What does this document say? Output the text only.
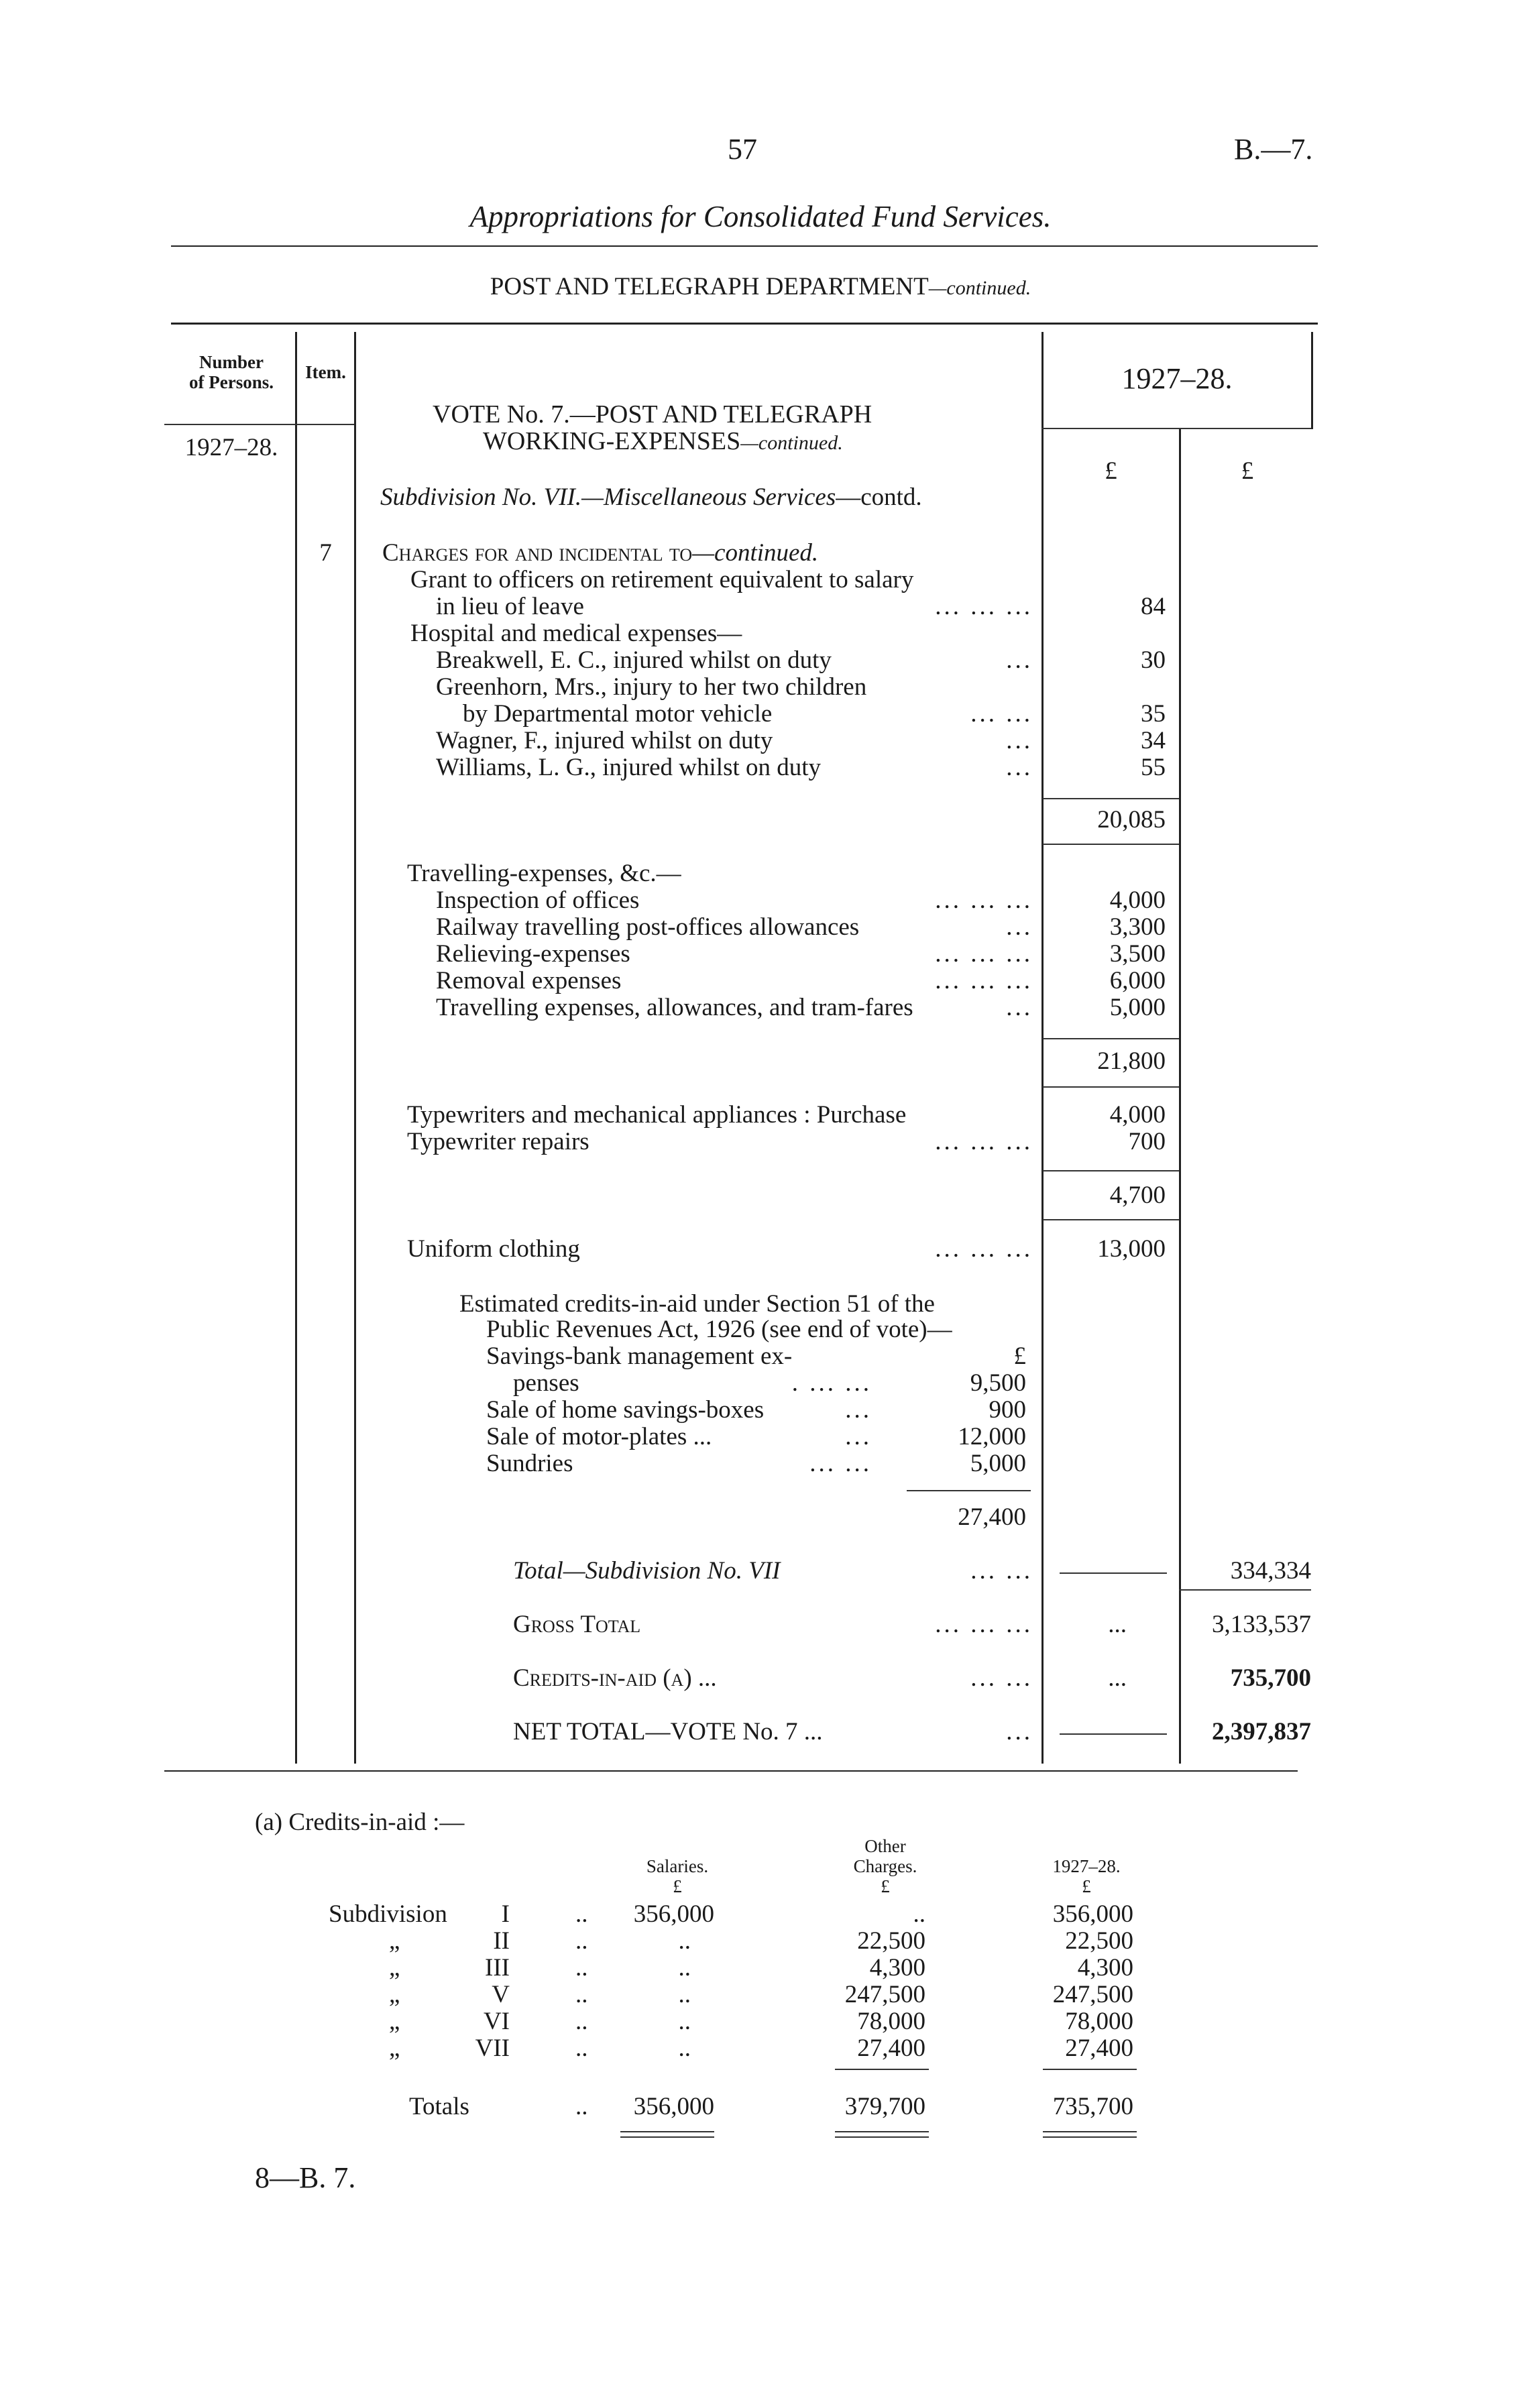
57	B.—7.
Appropriations for Consolidated Fund Services.
POST AND TELEGRAPH DEPARTMENT—continued.
Number
of Persons.	Item.	1927–28.
1927–28.
£	£
VOTE No. 7.—POST AND TELEGRAPH
WORKING-EXPENSES—continued.
Subdivision No. VII.—Miscellaneous Services—contd.
7	Charges for and incidental to—continued.
Grant to officers on retirement equivalent to salary
in lieu of leave	... ... ...	84
Hospital and medical expenses—
Breakwell, E. C., injured whilst on duty	...	30
Greenhorn, Mrs., injury to her two children
by Departmental motor vehicle	... ...	35
Wagner, F., injured whilst on duty	...	34
Williams, L. G., injured whilst on duty	...	55
20,085
Travelling-expenses, &c.—
Inspection of offices	... ... ...	4,000
Railway travelling post-offices allowances	...	3,300
Relieving-expenses	... ... ...	3,500
Removal expenses	... ... ...	6,000
Travelling expenses, allowances, and tram-fares	...	5,000
21,800
Typewriters and mechanical appliances : Purchase	4,000
Typewriter repairs	... ... ...	700
4,700
Uniform clothing	... ... ...	13,000
Estimated credits-in-aid under Section 51 of the
Public Revenues Act, 1926 (see end of vote)—
Savings-bank management ex-	£
penses	. ... ...	9,500
Sale of home savings-boxes	...	900
Sale of motor-plates ...	...	12,000
Sundries	... ...	5,000
27,400
Total—Subdivision No. VII	... ...	334,334
Gross Total	... ... ...	...	3,133,537
Credits-in-aid (a) ...	... ...	...	735,700
NET TOTAL—VOTE No. 7 ...	...	2,397,837
(a) Credits-in-aid :—
Salaries.
£
Other
Charges.
£
1927–28.
£
Subdivision	I	..	356,000	..	356,000
„	II	..	..	22,500	22,500
„	III	..	..	4,300	4,300
„	V	..	..	247,500	247,500
„	VI	..	..	78,000	78,000
„	VII	..	..	27,400	27,400
Totals	..	356,000	379,700	735,700
8—B. 7.
